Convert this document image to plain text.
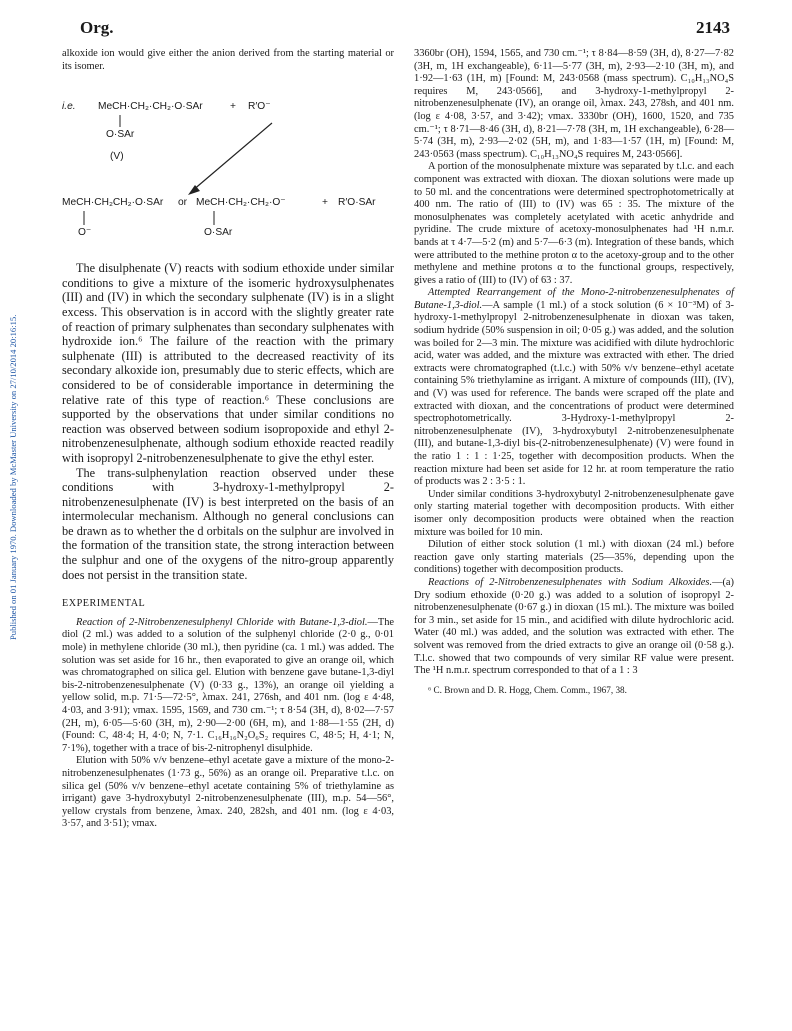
Org.	2143
Published on 01 January 1970. Downloaded by McMaster University on 27/10/2014 20:16:15.

alkoxide ion would give either the anion derived from the starting material or its isomer.

i.e. MeCH·CH₂·CH₂·O·SAr	+ R′O⁻
O·SAr
(V)
MeCH·CH₂CH₂·O·SAr or MeCH·CH₂·CH₂·O⁻	+ R′O·SAr
O⁻	O·SAr

The disulphenate (V) reacts with sodium ethoxide under similar conditions to give a mixture of the isomeric hydroxysulphenates (III) and (IV) in which the secondary sulphenate (IV) is in a slight excess. This observation is in accord with the slightly greater rate of reaction of primary sulphenates than secondary sulphenates with hydroxide ion.⁶ The failure of the reaction with the primary sulphenate (III) is attributed to the decreased reactivity of its secondary alkoxide ion, presumably due to steric effects, which are considered to be of considerable importance in determining the relative rate of this type of reaction.⁶ These conclusions are supported by the observations that under similar conditions no reaction was observed between sodium isopropoxide and ethyl 2-nitrobenzenesulphenate, although sodium ethoxide reacted readily with isopropyl 2-nitrobenzenesulphenate to give the ethyl ester.

The trans-sulphenylation reaction observed under these conditions with 3-hydroxy-1-methylpropyl 2-nitrobenzenesulphenate (IV) is best interpreted on the basis of an intermolecular mechanism. Although no general conclusions can be drawn as to whether the d orbitals on the sulphur are involved in the formation of the transition state, the strong interaction between the sulphur and one of the oxygens of the nitro-group apparently does not persist in the transition state.

EXPERIMENTAL

Reaction of 2-Nitrobenzenesulphenyl Chloride with Butane-1,3-diol.—The diol (2 ml.) was added to a solution of the sulphenyl chloride (2·0 g., 0·01 mole) in methylene chloride (30 ml.), then pyridine (ca. 1 ml.) was added. The solution was set aside for 16 hr., then evaporated to give an orange oil, which was chromatographed on silica gel. Elution with benzene gave butane-1,3-diyl bis-2-nitrobenzenesulphenate (V) (0·33 g., 13%), an orange oil yielding a yellow solid, m.p. 71·5—72·5°, λmax. 241, 276sh, and 401 nm. (log ε 4·48, 4·03, and 3·91); νmax. 1595, 1569, and 730 cm.⁻¹; τ 8·54 (3H, d), 8·02—7·57 (2H, m), 6·05—5·60 (3H, m), 2·90—2·00 (6H, m), and 1·88—1·55 (2H, d) (Found: C, 48·4; H, 4·0; N, 7·1. C₁₆H₁₆N₂O₆S₂ requires C, 48·5; H, 4·1; N, 7·1%), together with a trace of bis-2-nitrophenyl disulphide.

Elution with 50% v/v benzene–ethyl acetate gave a mixture of the mono-2-nitrobenzenesulphenates (1·73 g., 56%) as an orange oil. Preparative t.l.c. on silica gel (50% v/v benzene–ethyl acetate containing 5% of triethylamine as irrigant) gave 3-hydroxybutyl 2-nitrobenzenesulphenate (III), m.p. 54—56°, yellow crystals from benzene, λmax. 240, 282sh, and 401 nm. (log ε 4·03, 3·57, and 3·51); νmax.

3360br (OH), 1594, 1565, and 730 cm.⁻¹; τ 8·84—8·59 (3H, d), 8·27—7·82 (3H, m, 1H exchangeable), 6·11—5·77 (3H, m), 2·93—2·10 (3H, m), and 1·92—1·63 (1H, m) [Found: M, 243·0568 (mass spectrum). C₁₀H₁₃NO₄S requires M, 243·0566], and 3-hydroxy-1-methylpropyl 2-nitrobenzenesulphenate (IV), an orange oil, λmax. 243, 278sh, and 401 nm. (log ε 4·08, 3·57, and 3·42); νmax. 3330br (OH), 1600, 1520, and 735 cm.⁻¹; τ 8·71—8·46 (3H, d), 8·21—7·78 (3H, m, 1H exchangeable), 6·28—5·74 (3H, m), 2·93—2·02 (5H, m), and 1·83—1·57 (1H, m) [Found: M, 243·0563 (mass spectrum). C₁₀H₁₃NO₄S requires M, 243·0566].

A portion of the monosulphenate mixture was separated by t.l.c. and each component was extracted with dioxan. The dioxan solutions were made up to 50 ml. and the concentrations were determined spectrophotometrically at 400 nm. The ratio of (III) to (IV) was 65 : 35. The mixture of the monosulphenates was completely acetylated with acetic anhydride and pyridine. The crude mixture of acetoxy-monosulphenates had ¹H n.m.r. bands at τ 4·7—5·2 (m) and 5·7—6·3 (m). Integration of these bands, which were attributed to the methine proton α to the acetoxy-group and to the other methylene and methine protons α to the functional groups, respectively, gives a ratio of (III) to (IV) of 63 : 37.

Attempted Rearrangement of the Mono-2-nitrobenzenesulphenates of Butane-1,3-diol.—A sample (1 ml.) of a stock solution (6 × 10⁻³M) of 3-hydroxy-1-methylpropyl 2-nitrobenzenesulphenate in dioxan was taken, sodium hydride (50% suspension in oil; 0·05 g.) was added, and the solution was boiled for 2—3 min. The mixture was acidified with dilute hydrochloric acid, water was added, and the mixture was extracted with ether. The dried extracts were chromatographed (t.l.c.) with 50% v/v benzene–ethyl acetate containing 5% triethylamine as irrigant. A mixture of compounds (III), (IV), and (V) was used for reference. The bands were scraped off the plate and extracted with dioxan, and the concentrations of product were determined spectrophotometrically. 3-Hydroxy-1-methylpropyl 2-nitrobenzenesulphenate (IV), 3-hydroxybutyl 2-nitrobenzenesulphenate (III), and butane-1,3-diyl bis-(2-nitrobenzenesulphenate) (V) were found in the ratio 1 : 1 : 1·25, together with decomposition products. When the reaction mixture had been set aside for 12 hr. at room temperature the ratio of products was 2 : 3·5 : 1.

Under similar conditions 3-hydroxybutyl 2-nitrobenzenesulphenate gave only starting material together with decomposition products. With either isomer only decomposition products were obtained when the reaction mixture was boiled for 10 min.

Dilution of either stock solution (1 ml.) with dioxan (24 ml.) before reaction gave only starting materials (25—35%, depending upon the conditions) together with decomposition products.

Reactions of 2-Nitrobenzenesulphenates with Sodium Alkoxides.—(a) Dry sodium ethoxide (0·20 g.) was added to a solution of isopropyl 2-nitrobenzenesulphenate (0·67 g.) in dioxan (15 ml.). The mixture was boiled for 3 min., set aside for 15 min., and acidified with dilute hydrochloric acid. Water (40 ml.) was added, and the solution was extracted with ether. The solvent was removed from the dried extracts to give an orange oil (0·58 g.). T.l.c. showed that two compounds of very similar RF value were present. The ¹H n.m.r. spectrum corresponded to that of a 1 : 3

⁶ C. Brown and D. R. Hogg, Chem. Comm., 1967, 38.
